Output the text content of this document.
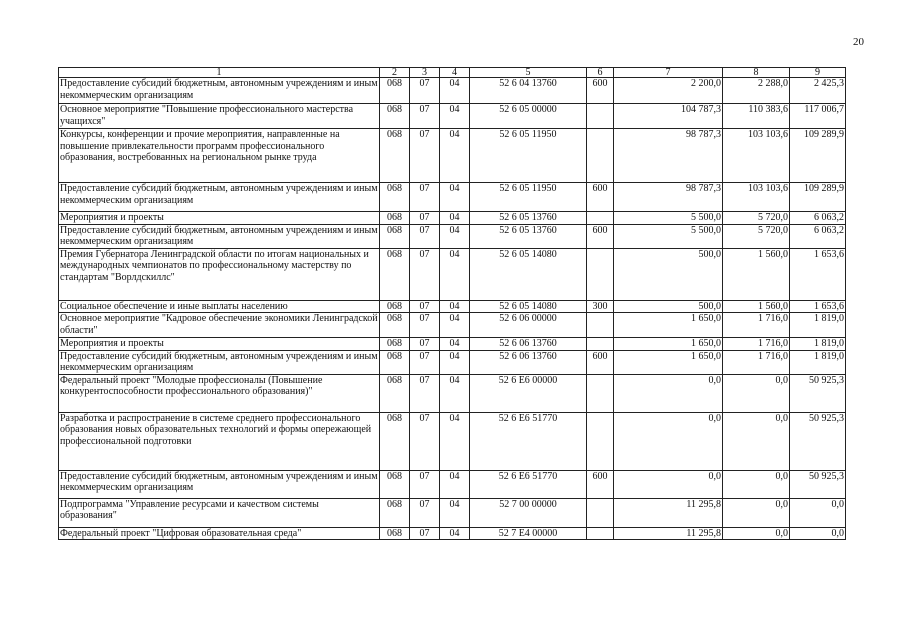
20
1	2	3	4	5	6	7	8	9
Предоставление субсидий бюджетным, автономным учреждениям и иным некоммерческим организациям	068	07	04	52 6 04 13760	600	2 200,0	2 288,0	2 425,3
Основное мероприятие "Повышение профессионального мастерства учащихся"	068	07	04	52 6 05 00000		104 787,3	110 383,6	117 006,7
Конкурсы, конференции и прочие мероприятия, направленные на повышение привлекательности программ профессионального образования, востребованных на региональном рынке труда	068	07	04	52 6 05 11950		98 787,3	103 103,6	109 289,9
Предоставление субсидий бюджетным, автономным учреждениям и иным некоммерческим организациям	068	07	04	52 6 05 11950	600	98 787,3	103 103,6	109 289,9
Мероприятия и проекты	068	07	04	52 6 05 13760		5 500,0	5 720,0	6 063,2
Предоставление субсидий бюджетным, автономным учреждениям и иным некоммерческим организациям	068	07	04	52 6 05 13760	600	5 500,0	5 720,0	6 063,2
Премия Губернатора Ленинградской области по итогам национальных и международных чемпионатов по профессиональному мастерству по стандартам "Ворлдскиллс"	068	07	04	52 6 05 14080		500,0	1 560,0	1 653,6
Социальное обеспечение и иные выплаты населению	068	07	04	52 6 05 14080	300	500,0	1 560,0	1 653,6
Основное мероприятие "Кадровое обеспечение экономики Ленинградской области"	068	07	04	52 6 06 00000		1 650,0	1 716,0	1 819,0
Мероприятия и проекты	068	07	04	52 6 06 13760		1 650,0	1 716,0	1 819,0
Предоставление субсидий бюджетным, автономным учреждениям и иным некоммерческим организациям	068	07	04	52 6 06 13760	600	1 650,0	1 716,0	1 819,0
Федеральный проект "Молодые профессионалы (Повышение конкурентоспособности профессионального образования)"	068	07	04	52 6 E6 00000		0,0	0,0	50 925,3
Разработка и распространение в системе среднего профессионального образования новых образовательных технологий и формы опережающей профессиональной подготовки	068	07	04	52 6 E6 51770		0,0	0,0	50 925,3
Предоставление субсидий бюджетным, автономным учреждениям и иным некоммерческим организациям	068	07	04	52 6 E6 51770	600	0,0	0,0	50 925,3
Подпрограмма "Управление ресурсами и качеством системы образования"	068	07	04	52 7 00 00000		11 295,8	0,0	0,0
Федеральный проект "Цифровая образовательная среда"	068	07	04	52 7 E4 00000		11 295,8	0,0	0,0
